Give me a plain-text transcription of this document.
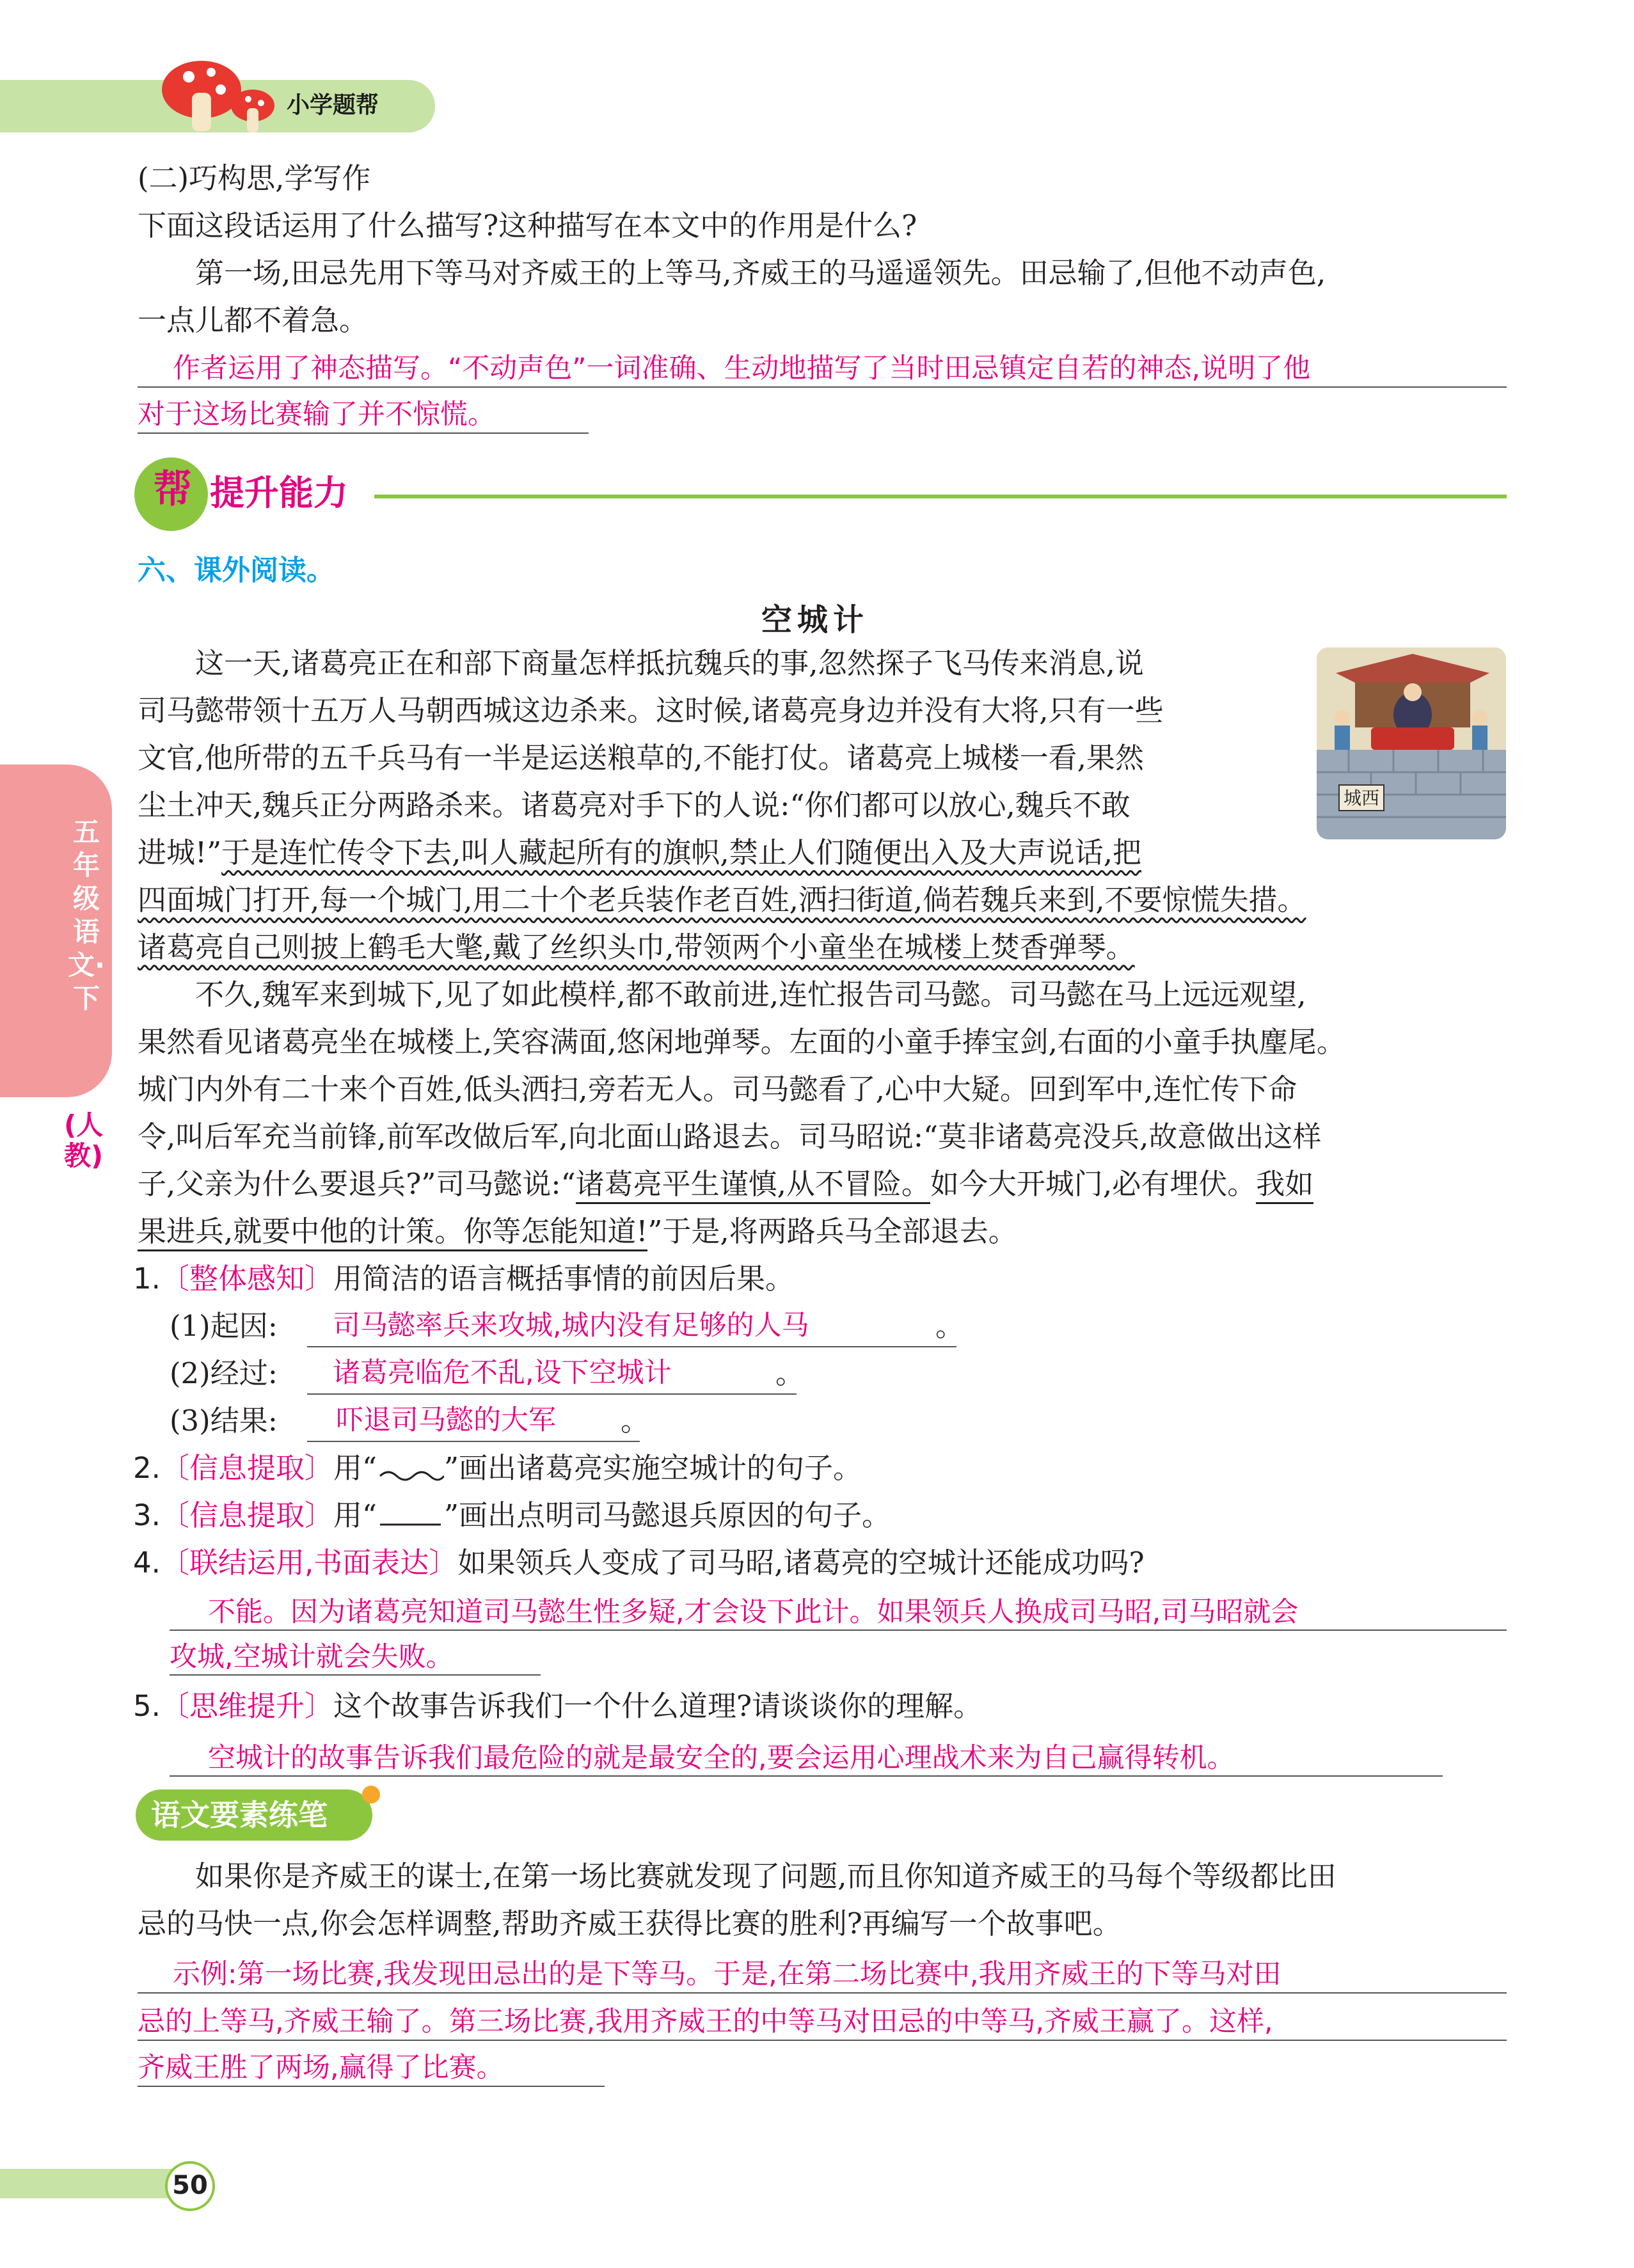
小学题帮
五年级语文·下
(人教)
(二)巧构思,学写作
下面这段话运用了什么描写?这种描写在本文中的作用是什么?
第一场,田忌先用下等马对齐威王的上等马,齐威王的马遥遥领先。田忌输了,但他不动声色,
一点儿都不着急。
作者运用了神态描写。“不动声色”一词准确、生动地描写了当时田忌镇定自若的神态,说明了他
对于这场比赛输了并不惊慌。
帮 提升能力
六、课外阅读。
空城计
城西
这一天,诸葛亮正在和部下商量怎样抵抗魏兵的事,忽然探子飞马传来消息,说
司马懿带领十五万人马朝西城这边杀来。这时候,诸葛亮身边并没有大将,只有一些
文官,他所带的五千兵马有一半是运送粮草的,不能打仗。诸葛亮上城楼一看,果然
尘土冲天,魏兵正分两路杀来。诸葛亮对手下的人说:“你们都可以放心,魏兵不敢
进城!”于是连忙传令下去,叫人藏起所有的旗帜,禁止人们随便出入及大声说话,把
四面城门打开,每一个城门,用二十个老兵装作老百姓,洒扫街道,倘若魏兵来到,不要惊慌失措。
诸葛亮自己则披上鹤毛大氅,戴了丝织头巾,带领两个小童坐在城楼上焚香弹琴。
不久,魏军来到城下,见了如此模样,都不敢前进,连忙报告司马懿。司马懿在马上远远观望,
果然看见诸葛亮坐在城楼上,笑容满面,悠闲地弹琴。左面的小童手捧宝剑,右面的小童手执麈尾。
城门内外有二十来个百姓,低头洒扫,旁若无人。司马懿看了,心中大疑。回到军中,连忙传下命
令,叫后军充当前锋,前军改做后军,向北面山路退去。司马昭说:“莫非诸葛亮没兵,故意做出这样
子,父亲为什么要退兵?”司马懿说:“诸葛亮平生谨慎,从不冒险。如今大开城门,必有埋伏。我如
果进兵,就要中他的计策。你等怎能知道!”于是,将两路兵马全部退去。
1.〔整体感知〕用简洁的语言概括事情的前因后果。
(1)起因:	司马懿率兵来攻城,城内没有足够的人马	。
(2)经过:	诸葛亮临危不乱,设下空城计	。
(3)结果:	吓退司马懿的大军	。
2.〔信息提取〕用“ ”画出诸葛亮实施空城计的句子。
3.〔信息提取〕用“ ”画出点明司马懿退兵原因的句子。
4.〔联结运用,书面表达〕如果领兵人变成了司马昭,诸葛亮的空城计还能成功吗?
不能。因为诸葛亮知道司马懿生性多疑,才会设下此计。如果领兵人换成司马昭,司马昭就会
攻城,空城计就会失败。
5.〔思维提升〕这个故事告诉我们一个什么道理?请谈谈你的理解。
空城计的故事告诉我们最危险的就是最安全的,要会运用心理战术来为自己赢得转机。
语文要素练笔
如果你是齐威王的谋士,在第一场比赛就发现了问题,而且你知道齐威王的马每个等级都比田
忌的马快一点,你会怎样调整,帮助齐威王获得比赛的胜利?再编写一个故事吧。
示例:第一场比赛,我发现田忌出的是下等马。于是,在第二场比赛中,我用齐威王的下等马对田
忌的上等马,齐威王输了。第三场比赛,我用齐威王的中等马对田忌的中等马,齐威王赢了。这样,
齐威王胜了两场,赢得了比赛。
50
